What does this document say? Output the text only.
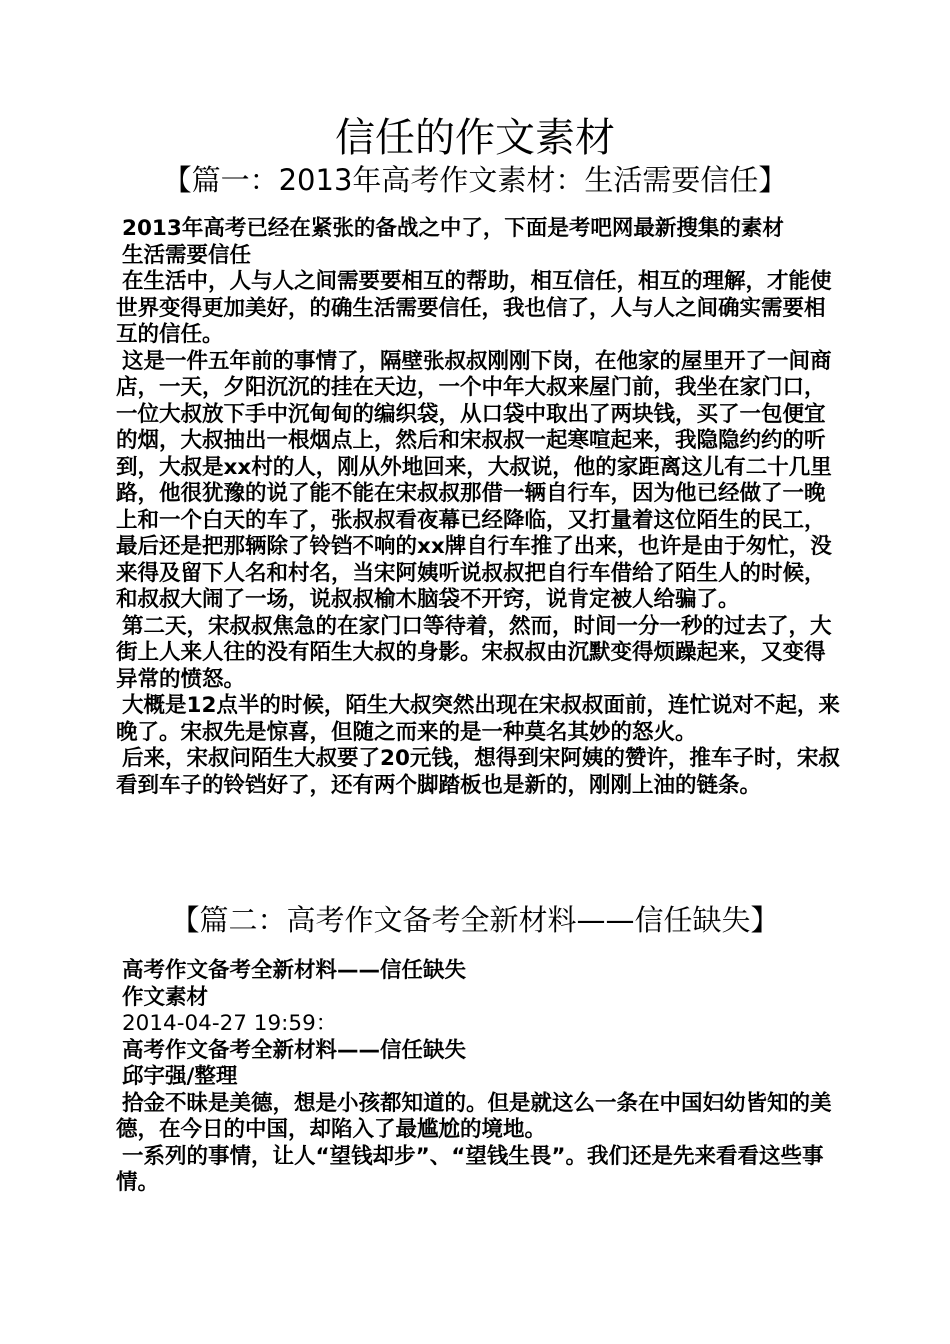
信任的作文素材
【篇一：2013年高考作文素材：生活需要信任】

2013年高考已经在紧张的备战之中了，下面是考吧网最新搜集的素材

生活需要信任

在生活中，人与人之间需要要相互的帮助，相互信任，相互的理解，才能使世界变得更加美好，的确生活需要信任，我也信了，人与人之间确实需要相互的信任。

这是一件五年前的事情了，隔壁张叔叔刚刚下岗，在他家的屋里开了一间商店，一天，夕阳沉沉的挂在天边，一个中年大叔来屋门前，我坐在家门口，一位大叔放下手中沉甸甸的编织袋，从口袋中取出了两块钱，买了一包便宜的烟，大叔抽出一根烟点上，然后和宋叔叔一起寒喧起来，我隐隐约约的听到，大叔是xx村的人，刚从外地回来，大叔说，他的家距离这儿有二十几里路，他很犹豫的说了能不能在宋叔叔那借一辆自行车，因为他已经做了一晚上和一个白天的车了，张叔叔看夜幕已经降临，又打量着这位陌生的民工，最后还是把那辆除了铃铛不响的xx牌自行车推了出来，也许是由于匆忙，没来得及留下人名和村名，当宋阿姨听说叔叔把自行车借给了陌生人的时候，和叔叔大闹了一场，说叔叔榆木脑袋不开窍，说肯定被人给骗了。

第二天，宋叔叔焦急的在家门口等待着，然而，时间一分一秒的过去了，大街上人来人往的没有陌生大叔的身影。宋叔叔由沉默变得烦躁起来，又变得异常的愤怒。

大概是12点半的时候，陌生大叔突然出现在宋叔叔面前，连忙说对不起，来晚了。宋叔先是惊喜，但随之而来的是一种莫名其妙的怒火。

后来，宋叔问陌生大叔要了20元钱，想得到宋阿姨的赞许，推车子时，宋叔看到车子的铃铛好了，还有两个脚踏板也是新的，刚刚上油的链条。

【篇二：高考作文备考全新材料——信任缺失】

高考作文备考全新材料——信任缺失

作文素材

2014-04-27 19:59：

高考作文备考全新材料——信任缺失

邱宇强/整理

拾金不昧是美德，想是小孩都知道的。但是就这么一条在中国妇幼皆知的美德，在今日的中国，却陷入了最尴尬的境地。

一系列的事情，让人“望钱却步”、“望钱生畏”。我们还是先来看看这些事情。
